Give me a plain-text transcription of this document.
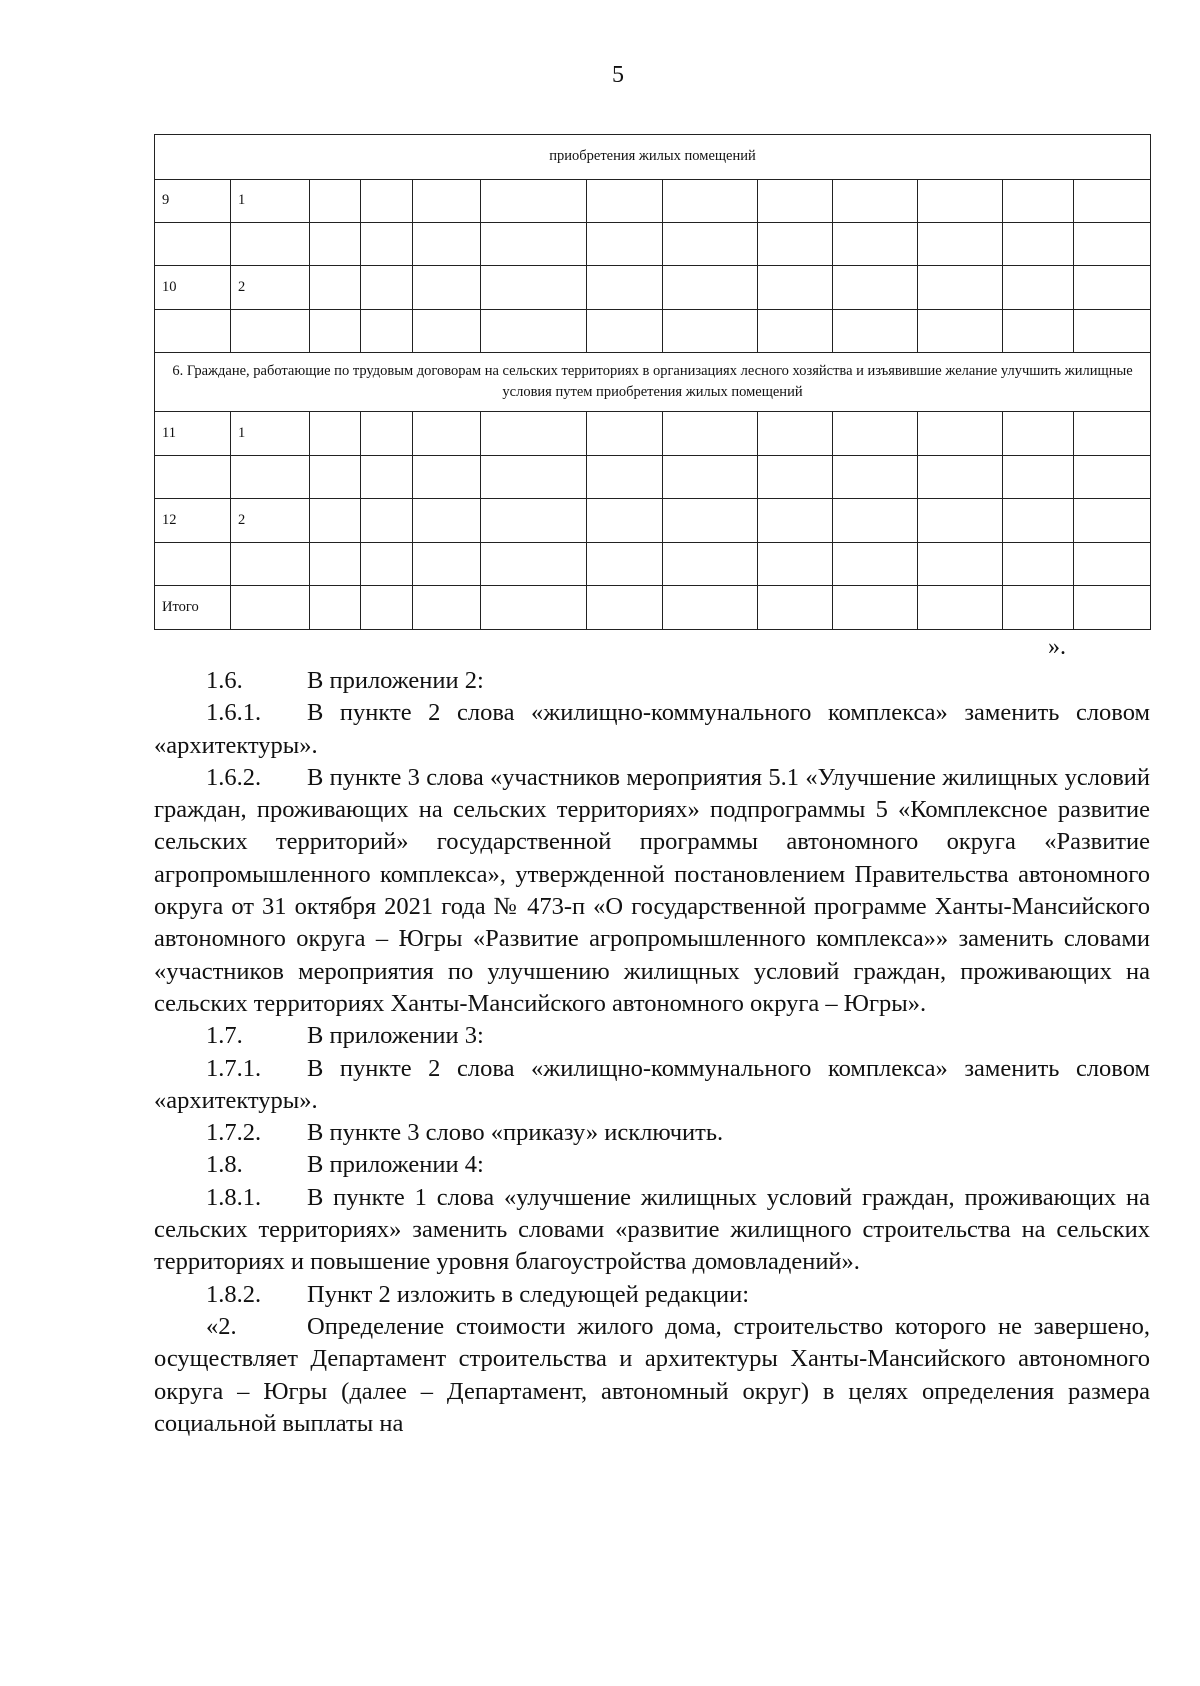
5
приобретения жилых помещений												
9	1											

10	2											

6. Граждане, работающие по трудовым договорам на сельских территориях в организациях лесного хозяйства и изъявившие желание улучшить жилищные условия путем приобретения жилых помещений												
11	1											

12	2											

Итого												
».

1.6.	В приложении 2:

1.6.1. В пункте 2 слова «жилищно-коммунального комплекса» заменить словом «архитектуры».

1.6.2. В пункте 3 слова «участников мероприятия 5.1 «Улучшение жилищных условий граждан, проживающих на сельских территориях» подпрограммы 5 «Комплексное развитие сельских территорий» государственной программы автономного округа «Развитие агропромышленного комплекса», утвержденной постановлением Правительства автономного округа от 31 октября 2021 года № 473-п «О государственной программе Ханты-Мансийского автономного округа – Югры «Развитие агропромышленного комплекса»» заменить словами «участников мероприятия по улучшению жилищных условий граждан, проживающих на сельских территориях Ханты-Мансийского автономного округа – Югры».

1.7.	В приложении 3:

1.7.1. В пункте 2 слова «жилищно-коммунального комплекса» заменить словом «архитектуры».

1.7.2. В пункте 3 слово «приказу» исключить.

1.8.	В приложении 4:

1.8.1. В пункте 1 слова «улучшение жилищных условий граждан, проживающих на сельских территориях» заменить словами «развитие жилищного строительства на сельских территориях и повышение уровня благоустройства домовладений».

1.8.2. Пункт 2 изложить в следующей редакции:

«2.	Определение стоимости жилого дома, строительство которого не завершено, осуществляет Департамент строительства и архитектуры Ханты-Мансийского автономного округа – Югры (далее – Департамент, автономный округ) в целях определения размера социальной выплаты на
